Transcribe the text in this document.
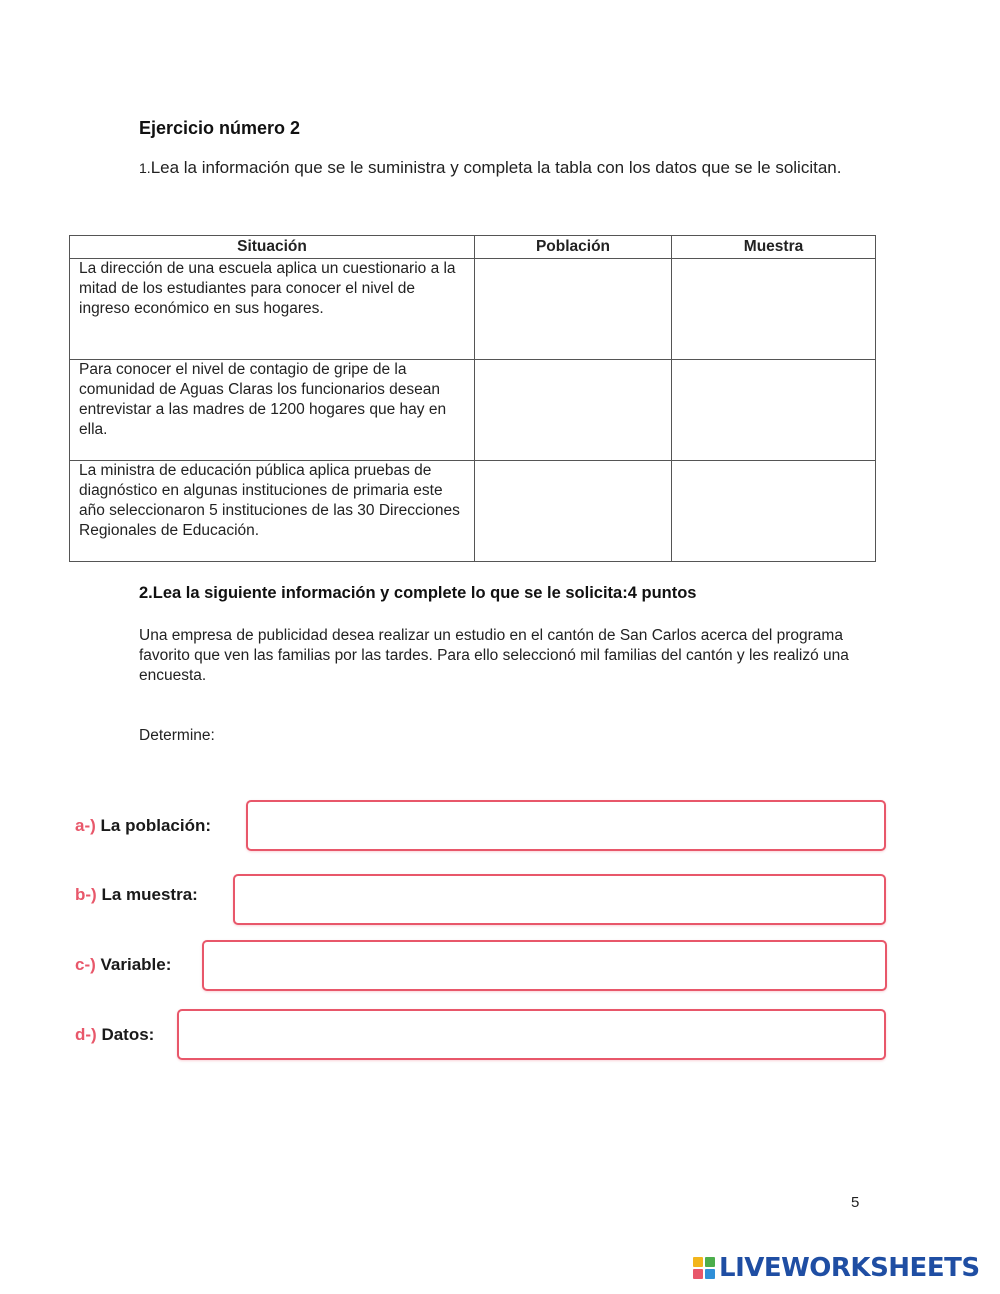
Ejercicio número 2
1.Lea la información que se le suministra y completa la tabla con los datos que se le solicitan.
Situación	Población	Muestra
La dirección de una escuela aplica un cuestionario a la mitad de los estudiantes para conocer el nivel de ingreso económico en sus hogares.		
Para conocer el nivel de contagio de gripe de la comunidad de Aguas Claras los funcionarios desean entrevistar a las madres de 1200 hogares que hay en ella.		
La ministra de educación pública aplica pruebas de diagnóstico en algunas instituciones de primaria este año seleccionaron 5 instituciones de las 30 Direcciones Regionales de Educación.		
2.Lea la siguiente información y complete lo que se le solicita:4 puntos
Una empresa de publicidad desea realizar un estudio en el cantón de San Carlos acerca del programa favorito que ven las familias por las tardes. Para ello seleccionó mil familias del cantón y les realizó una encuesta.
Determine:
a-) La población:
b-) La muestra:
c-) Variable:
d-) Datos:
5
LIVEWORKSHEETS
